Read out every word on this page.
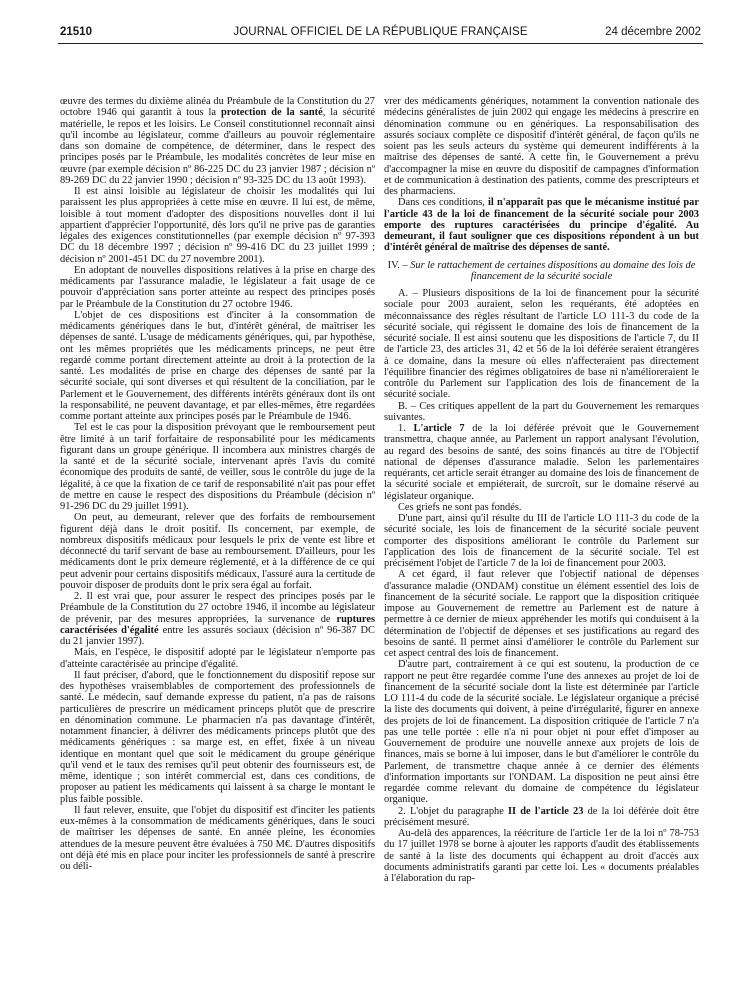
21510	JOURNAL OFFICIEL DE LA RÉPUBLIQUE FRANÇAISE	24 décembre 2002

œuvre des termes du dixième alinéa du Préambule de la Constitution du 27 octobre 1946 qui garantit à tous la protection de la santé, la sécurité matérielle, le repos et les loisirs. Le Conseil constitutionnel reconnaît ainsi qu'il incombe au législateur, comme d'ailleurs au pouvoir réglementaire dans son domaine de compétence, de déterminer, dans le respect des principes posés par le Préambule, les modalités concrètes de leur mise en œuvre (par exemple décision nº 86-225 DC du 23 janvier 1987 ; décision nº 89-269 DC du 22 janvier 1990 ; décision nº 93-325 DC du 13 août 1993).

Il est ainsi loisible au législateur de choisir les modalités qui lui paraissent les plus appropriées à cette mise en œuvre. Il lui est, de même, loisible à tout moment d'adopter des dispositions nouvelles dont il lui appartient d'apprécier l'opportunité, dès lors qu'il ne prive pas de garanties légales des exigences constitutionnelles (par exemple décision nº 97-393 DC du 18 décembre 1997 ; décision nº 99-416 DC du 23 juillet 1999 ; décision nº 2001-451 DC du 27 novembre 2001).

En adoptant de nouvelles dispositions relatives à la prise en charge des médicaments par l'assurance maladie, le législateur a fait usage de ce pouvoir d'appréciation sans porter atteinte au respect des principes posés par le Préambule de la Constitution du 27 octobre 1946.

L'objet de ces dispositions est d'inciter à la consommation de médicaments génériques dans le but, d'intérêt général, de maîtriser les dépenses de santé. L'usage de médicaments génériques, qui, par hypothèse, ont les mêmes propriétés que les médicaments princeps, ne peut être regardé comme portant directement atteinte au droit à la protection de la santé. Les modalités de prise en charge des dépenses de santé par la sécurité sociale, qui sont diverses et qui résultent de la conciliation, par le Parlement et le Gouvernement, des différents intérêts généraux dont ils ont la responsabilité, ne peuvent davantage, et par elles-mêmes, être regardées comme portant atteinte aux principes posés par le Préambule de 1946.

Tel est le cas pour la disposition prévoyant que le remboursement peut être limité à un tarif forfaitaire de responsabilité pour les médicaments figurant dans un groupe générique. Il incombera aux ministres chargés de la santé et de la sécurité sociale, intervenant après l'avis du comité économique des produits de santé, de veiller, sous le contrôle du juge de la légalité, à ce que la fixation de ce tarif de responsabilité n'ait pas pour effet de mettre en cause le respect des dispositions du Préambule (décision nº 91-296 DC du 29 juillet 1991).

On peut, au demeurant, relever que des forfaits de remboursement figurent déjà dans le droit positif. Ils concernent, par exemple, de nombreux dispositifs médicaux pour lesquels le prix de vente est libre et déconnecté du tarif servant de base au remboursement. D'ailleurs, pour les médicaments dont le prix demeure réglementé, et à la différence de ce qui peut advenir pour certains dispositifs médicaux, l'assuré aura la certitude de pouvoir disposer de produits dont le prix sera égal au forfait.

2. Il est vrai que, pour assurer le respect des principes posés par le Préambule de la Constitution du 27 octobre 1946, il incombe au législateur de prévenir, par des mesures appropriées, la survenance de ruptures caractérisées d'égalité entre les assurés sociaux (décision nº 96-387 DC du 21 janvier 1997).

Mais, en l'espèce, le dispositif adopté par le législateur n'emporte pas d'atteinte caractérisée au principe d'égalité.

Il faut préciser, d'abord, que le fonctionnement du dispositif repose sur des hypothèses vraisemblables de comportement des professionnels de santé. Le médecin, sauf demande expresse du patient, n'a pas de raisons particulières de prescrire un médicament princeps plutôt que de prescrire en dénomination commune. Le pharmacien n'a pas davantage d'intérêt, notamment financier, à délivrer des médicaments princeps plutôt que des médicaments génériques : sa marge est, en effet, fixée à un niveau identique en montant quel que soit le médicament du groupe générique qu'il vend et le taux des remises qu'il peut obtenir des fournisseurs est, de même, identique ; son intérêt commercial est, dans ces conditions, de proposer au patient les médicaments qui laissent à sa charge le montant le plus faible possible.

Il faut relever, ensuite, que l'objet du dispositif est d'inciter les patients eux-mêmes à la consommation de médicaments génériques, dans le souci de maîtriser les dépenses de santé. En année pleine, les économies attendues de la mesure peuvent être évaluées à 750 M€. D'autres dispositifs ont déjà été mis en place pour inciter les professionnels de santé à prescrire ou déli-

vrer des médicaments génériques, notamment la convention nationale des médecins généralistes de juin 2002 qui engage les médecins à prescrire en dénomination commune ou en génériques. La responsabilisation des assurés sociaux complète ce dispositif d'intérêt général, de façon qu'ils ne soient pas les seuls acteurs du système qui demeurent indifférents à la maîtrise des dépenses de santé. A cette fin, le Gouvernement a prévu d'accompagner la mise en œuvre du dispositif de campagnes d'information et de communication à destination des patients, comme des prescripteurs et des pharmaciens.

Dans ces conditions, il n'apparaît pas que le mécanisme institué par l'article 43 de la loi de financement de la sécurité sociale pour 2003 emporte des ruptures caractérisées du principe d'égalité. Au demeurant, il faut souligner que ces dispositions répondent à un but d'intérêt général de maîtrise des dépenses de santé.

IV. – Sur le rattachement de certaines dispositions au domaine des lois de financement de la sécurité sociale

A. – Plusieurs dispositions de la loi de financement pour la sécurité sociale pour 2003 auraient, selon les requérants, été adoptées en méconnaissance des règles résultant de l'article LO 111-3 du code de la sécurité sociale, qui régissent le domaine des lois de financement de la sécurité sociale. Il est ainsi soutenu que les dispositions de l'article 7, du II de l'article 23, des articles 31, 42 et 56 de la loi déférée seraient étrangères à ce domaine, dans la mesure où elles n'affecteraient pas directement l'équilibre financier des régimes obligatoires de base ni n'amélioreraient le contrôle du Parlement sur l'application des lois de financement de la sécurité sociale.

B. – Ces critiques appellent de la part du Gouvernement les remarques suivantes.

1. L'article 7 de la loi déférée prévoit que le Gouvernement transmettra, chaque année, au Parlement un rapport analysant l'évolution, au regard des besoins de santé, des soins financés au titre de l'Objectif national de dépenses d'assurance maladie. Selon les parlementaires requérants, cet article serait étranger au domaine des lois de financement de la sécurité sociale et empiéterait, de surcroît, sur le domaine réservé au législateur organique.

Ces griefs ne sont pas fondés.

D'une part, ainsi qu'il résulte du III de l'article LO 111-3 du code de la sécurité sociale, les lois de financement de la sécurité sociale peuvent comporter des dispositions améliorant le contrôle du Parlement sur l'application des lois de financement de la sécurité sociale. Tel est précisément l'objet de l'article 7 de la loi de financement pour 2003.

A cet égard, il faut relever que l'objectif national de dépenses d'assurance maladie (ONDAM) constitue un élément essentiel des lois de financement de la sécurité sociale. Le rapport que la disposition critiquée impose au Gouvernement de remettre au Parlement est de nature à permettre à ce dernier de mieux appréhender les motifs qui conduisent à la détermination de l'objectif de dépenses et ses justifications au regard des besoins de santé. Il permet ainsi d'améliorer le contrôle du Parlement sur cet aspect central des lois de financement.

D'autre part, contrairement à ce qui est soutenu, la production de ce rapport ne peut être regardée comme l'une des annexes au projet de loi de financement de la sécurité sociale dont la liste est déterminée par l'article LO 111-4 du code de la sécurité sociale. Le législateur organique a précisé la liste des documents qui doivent, à peine d'irrégularité, figurer en annexe des projets de loi de financement. La disposition critiquée de l'article 7 n'a pas une telle portée : elle n'a ni pour objet ni pour effet d'imposer au Gouvernement de produire une nouvelle annexe aux projets de lois de finances, mais se borne à lui imposer, dans le but d'améliorer le contrôle du Parlement, de transmettre chaque année à ce dernier des éléments d'information importants sur l'ONDAM. La disposition ne peut ainsi être regardée comme relevant du domaine de compétence du législateur organique.

2. L'objet du paragraphe II de l'article 23 de la loi déférée doit être précisément mesuré.

Au-delà des apparences, la réécriture de l'article 1er de la loi nº 78-753 du 17 juillet 1978 se borne à ajouter les rapports d'audit des établissements de santé à la liste des documents qui échappent au droit d'accès aux documents administratifs garanti par cette loi. Les « documents préalables à l'élaboration du rap-
